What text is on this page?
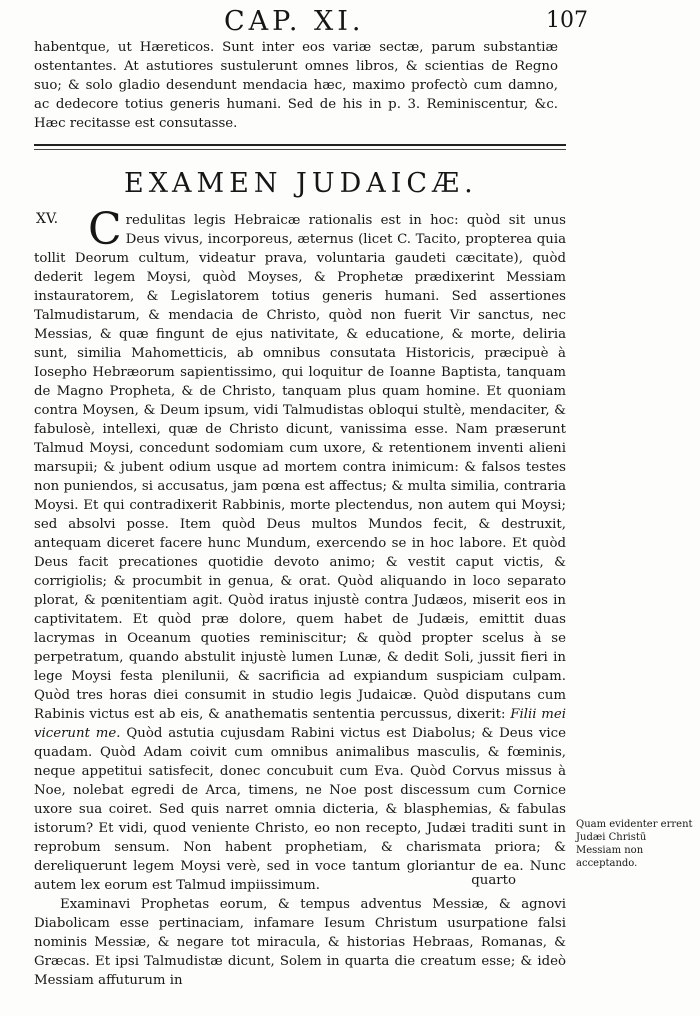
CAP. XI.	107
habentque, ut Hæreticos. Sunt inter eos variæ sectæ, parum substantiæ ostentantes. At astutiores sustulerunt omnes libros, & scientias de Regno suo; & solo gladio desendunt mendacia hæc, maximo profectò cum damno, ac dedecore totius generis humani. Sed de his in p. 3. Reminiscentur, &c. Hæc recitasse est consutasse.
EXAMEN JUDAICÆ.
XV. Credulitas legis Hebraicæ rationalis est in hoc: quòd sit unus Deus vivus, incorporeus, æternus (licet C. Tacito, propterea quia tollit Deorum cultum, videatur prava, voluntaria gaudeti cæcitate), quòd dederit legem Moysi, quòd Moyses, & Prophetæ prædixerint Messiam instauratorem, & Legislatorem totius generis humani. Sed assertiones Talmudistarum, & mendacia de Christo, quòd non fuerit Vir sanctus, nec Messias, & quæ fingunt de ejus nativitate, & educatione, & morte, deliria sunt, similia Mahometticis, ab omnibus consutata Historicis, præcipuè à Iosepho Hebræorum sapientissimo, qui loquitur de Ioanne Baptista, tanquam de Magno Propheta, & de Christo, tanquam plus quam homine. Et quoniam contra Moysen, & Deum ipsum, vidi Talmudistas obloqui stultè, mendaciter, & fabulosè, intellexi, quæ de Christo dicunt, vanissima esse. Nam præserunt Talmud Moysi, concedunt sodomiam cum uxore, & retentionem inventi alieni marsupii; & jubent odium usque ad mortem contra inimicum: & falsos testes non puniendos, si accusatus, jam pœna est affectus; & multa similia, contraria Moysi. Et qui contradixerit Rabbinis, morte plectendus, non autem qui Moysi; sed absolvi posse. Item quòd Deus multos Mundos fecit, & destruxit, antequam diceret facere hunc Mundum, exercendo se in hoc labore. Et quòd Deus facit precationes quotidie devoto animo; & vestit caput victis, & corrigiolis; & procumbit in genua, & orat. Quòd aliquando in loco separato plorat, & pœnitentiam agit. Quòd iratus injustè contra Judæos, miserit eos in captivitatem. Et quòd præ dolore, quem habet de Judæis, emittit duas lacrymas in Oceanum quoties reminiscitur; & quòd propter scelus à se perpetratum, quando abstulit injustè lumen Lunæ, & dedit Soli, jussit fieri in lege Moysi festa plenilunii, & sacrificia ad expiandum suspiciam culpam. Quòd tres horas diei consumit in studio legis Judaicæ. Quòd disputans cum Rabinis victus est ab eis, & anathematis sententia percussus, dixerit: Filii mei vicerunt me. Quòd astutia cujusdam Rabini victus est Diabolus; & Deus vice quadam. Quòd Adam coivit cum omnibus animalibus masculis, & fœminis, neque appetitui satisfecit, donec concubuit cum Eva. Quòd Corvus missus à Noe, nolebat egredi de Arca, timens, ne Noe post discessum cum Cornice uxore sua coiret. Sed quis narret omnia dicteria, & blasphemias, & fabulas istorum? Et vidi, quod veniente Christo, eo non recepto, Judæi traditi sunt in reprobum sensum. Non habent prophetiam, & charismata priora; & dereliquerunt legem Moysi verè, sed in voce tantum gloriantur de ea. Nunc autem lex eorum est Talmud impiissimum.

Examinavi Prophetas eorum, & tempus adventus Messiæ, & agnovi Diabolicam esse pertinaciam, infamare Iesum Christum usurpatione falsi nominis Messiæ, & negare tot miracula, & historias Hebraas, Romanas, & Græcas. Et ipsi Talmudistæ dicunt, Solem in quarta die creatum esse; & ideò Messiam affuturum in

quarto
Quam evidenter errent Judæi Christū Messiam non acceptando.
